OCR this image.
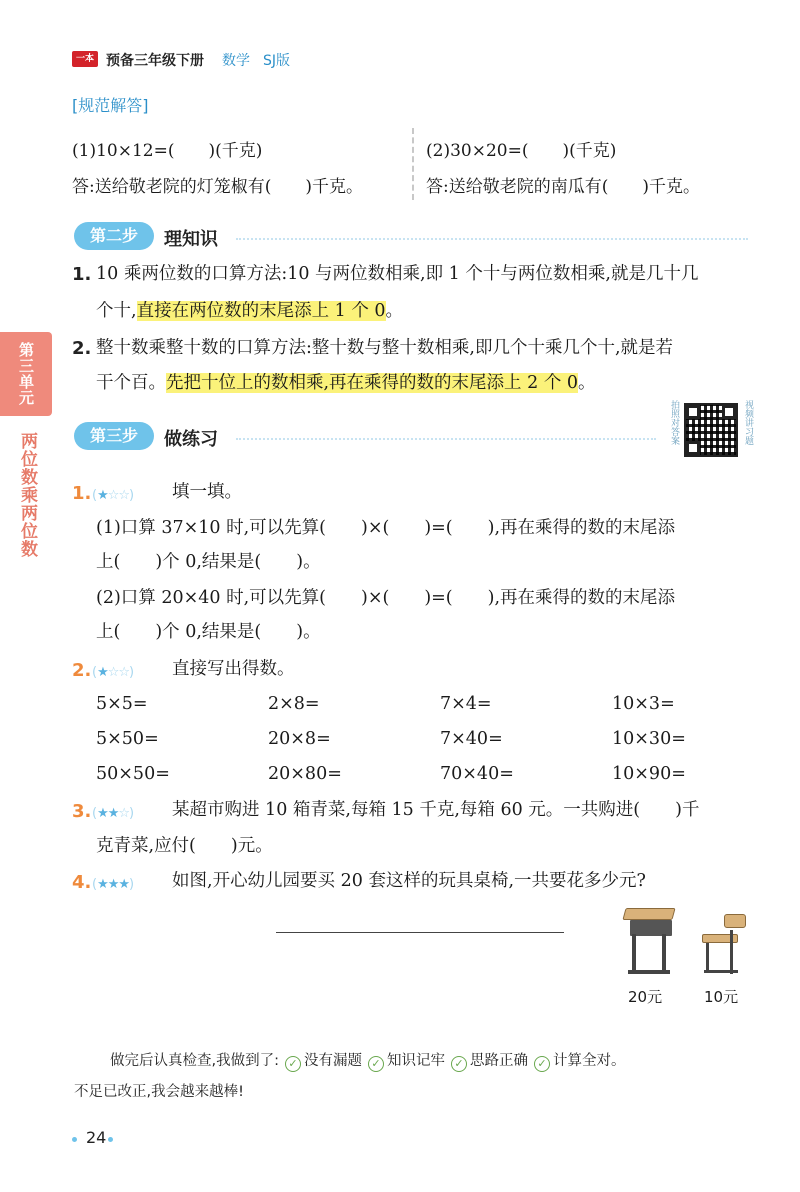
一本 预备三年级下册 数学 SJ版
[规范解答]
(1)10×12=(　　)(千克)
答:送给敬老院的灯笼椒有(　　)千克。
(2)30×20=(　　)(千克)
答:送给敬老院的南瓜有(　　)千克。
第三单元
两位数乘两位数
第二步	理知识
1. 10 乘两位数的口算方法:10 与两位数相乘,即 1 个十与两位数相乘,就是几十几
个十,直接在两位数的末尾添上 1 个 0。
2. 整十数乘整十数的口算方法:整十数与整十数相乘,即几个十乘几个十,就是若
干个百。先把十位上的数相乘,再在乘得的数的末尾添上 2 个 0。
第三步	做练习	拍照对答案	视频讲习题
1. (★☆☆) 填一填。
(1)口算 37×10 时,可以先算(　　)×(　　)=(　　),再在乘得的数的末尾添
上(　　)个 0,结果是(　　)。
(2)口算 20×40 时,可以先算(　　)×(　　)=(　　),再在乘得的数的末尾添
上(　　)个 0,结果是(　　)。
2. (★☆☆) 直接写出得数。
5×5=	2×8=	7×4=	10×3=
5×50=	20×8=	7×40=	10×30=
50×50=	20×80=	70×40=	10×90=
3. (★★☆) 某超市购进 10 箱青菜,每箱 15 千克,每箱 60 元。一共购进(　　)千
克青菜,应付(　　)元。
4. (★★★) 如图,开心幼儿园要买 20 套这样的玩具桌椅,一共要花多少元?
20元	10元
做完后认真检查,我做到了: ✓ 没有漏题 ✓ 知识记牢 ✓ 思路正确 ✓ 计算全对。
不足已改正,我会越来越棒!
24
